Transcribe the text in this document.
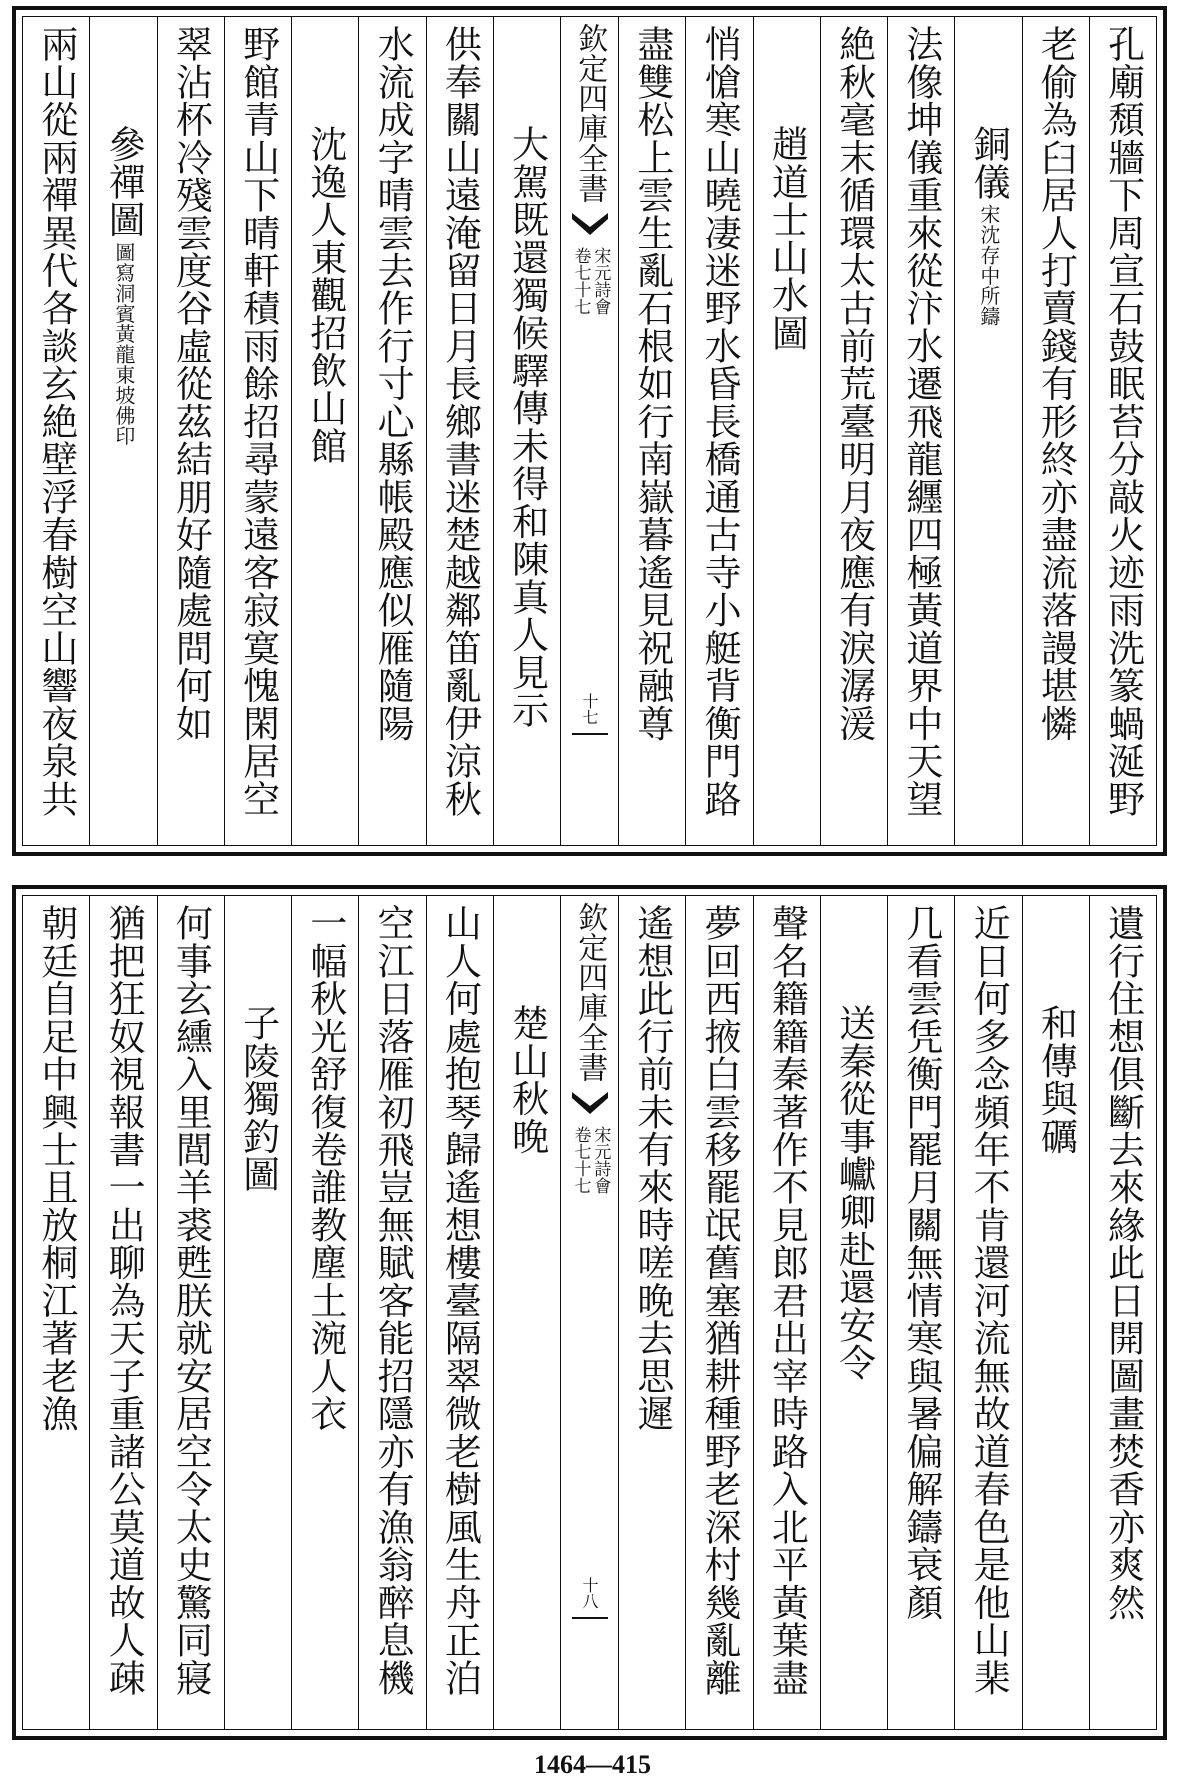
孔廟頹牆下周宣石鼓眠苔分敲火迹雨洗篆蝸涎野
老偷為臼居人打賣錢有形終亦盡流落謾堪憐
銅儀
宋沈存中所鑄
法像坤儀重來從汴水遷飛龍纒四極黃道界中天望
絶秋毫末循環太古前荒臺明月夜應有淚潺湲
趙道士山水圖
悄愴寒山曉凄迷野水昏長橋通古寺小艇背衡門路
盡雙松上雲生亂石根如行南嶽暮遙見祝融尊
欽定四庫全書
宋元詩會
卷七十七
十七
大駕既還獨候驛傳未得和陳真人見示
供奉關山遠淹留日月長鄉書迷楚越鄰笛亂伊涼秋
水流成字晴雲去作行寸心縣帳殿應似雁隨陽
沈逸人東觀招飲山館
野館青山下晴軒積雨餘招尋蒙遠客寂寞愧閑居空
翠沾杯冷殘雲度谷虛從茲結朋好隨處問何如
參禪圖
圖寫洞賓黃龍東坡佛印
兩山從兩禪異代各談玄絶壁浮春樹空山響夜泉共
遺行住想俱斷去來緣此日開圖畫焚香亦爽然
和傳與礪
近日何多念頻年不肯還河流無故道春色是他山棐
几看雲凭衡門罷月關無情寒與暑偏解鑄衰顏
送秦從事巘卿赴還安令
聲名籍籍秦著作不見郎君出宰時路入北平黃葉盡
夢回西掖白雲移罷氓舊塞猶耕種野老深村幾亂離
遙想此行前未有來時嗟晚去思遲
欽定四庫全書
宋元詩會
卷七十七
十八
楚山秋晚
山人何處抱琴歸遙想樓臺隔翠微老樹風生舟正泊
空江日落雁初飛豈無賦客能招隱亦有漁翁醉息機
一幅秋光舒復卷誰教塵土涴人衣
子陵獨釣圖
何事玄纁入里閭羊裘甦朕就安居空令太史驚同寢
猶把狂奴視報書一出聊為天子重諸公莫道故人疎
朝廷自足中興士且放桐江著老漁
1464—415
